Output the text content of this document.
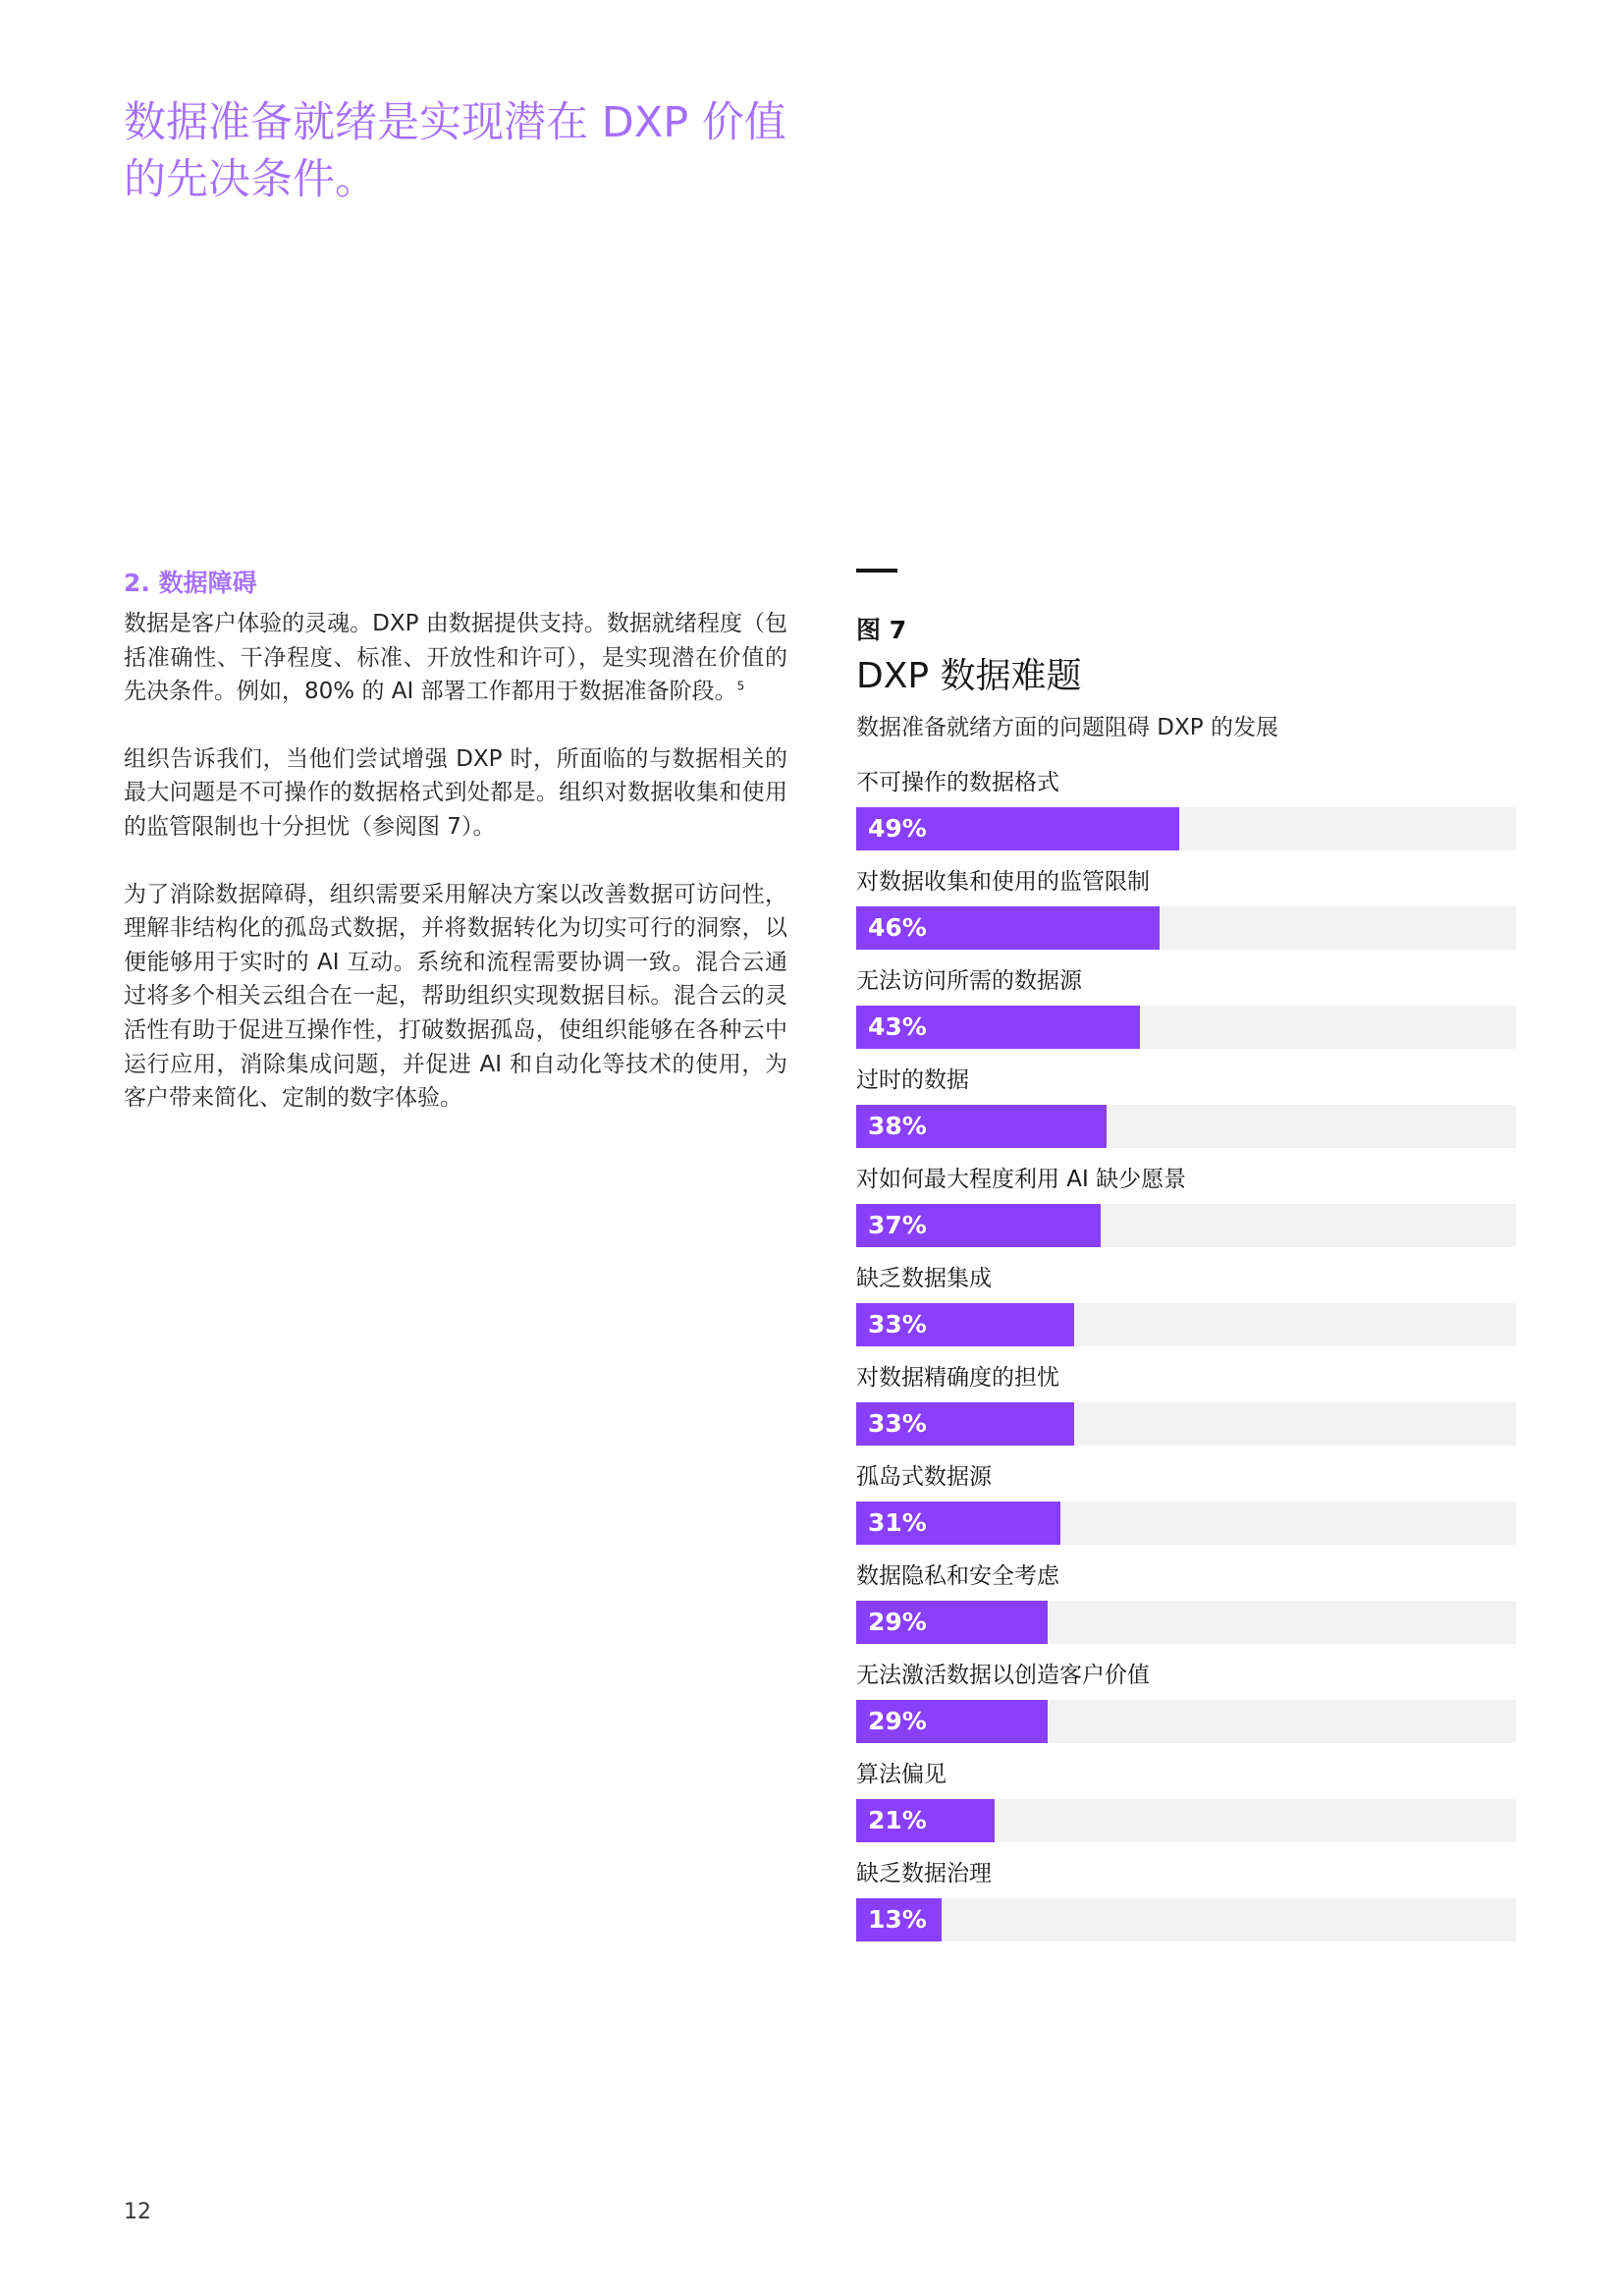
数据准备就绪是实现潜在 DXP 价值的先决条件。
2. 数据障碍

数据是客户体验的灵魂。DXP 由数据提供支持。数据就绪程度（包括准确性、干净程度、标准、开放性和许可），是实现潜在价值的先决条件。例如，80% 的 AI 部署工作都用于数据准备阶段。$^5$

组织告诉我们，当他们尝试增强 DXP 时，所面临的与数据相关的最大问题是不可操作的数据格式到处都是。组织对数据收集和使用的监管限制也十分担忧（参阅图 7）。

为了消除数据障碍，组织需要采用解决方案以改善数据可访问性，理解非结构化的孤岛式数据，并将数据转化为切实可行的洞察，以便能够用于实时的 AI 互动。系统和流程需要协调一致。混合云通过将多个相关云组合在一起，帮助组织实现数据目标。混合云的灵活性有助于促进互操作性，打破数据孤岛，使组织能够在各种云中运行应用，消除集成问题，并促进 AI 和自动化等技术的使用，为客户带来简化、定制的数字体验。

图 7
DXP 数据难题
数据准备就绪方面的问题阻碍 DXP 的发展
不可操作的数据格式
49%
对数据收集和使用的监管限制
46%
无法访问所需的数据源
43%
过时的数据
38%
对如何最大程度利用 AI 缺少愿景
37%
缺乏数据集成
33%
对数据精确度的担忧
33%
孤岛式数据源
31%
数据隐私和安全考虑
29%
无法激活数据以创造客户价值
29%
算法偏见
21%
缺乏数据治理
13%
12
